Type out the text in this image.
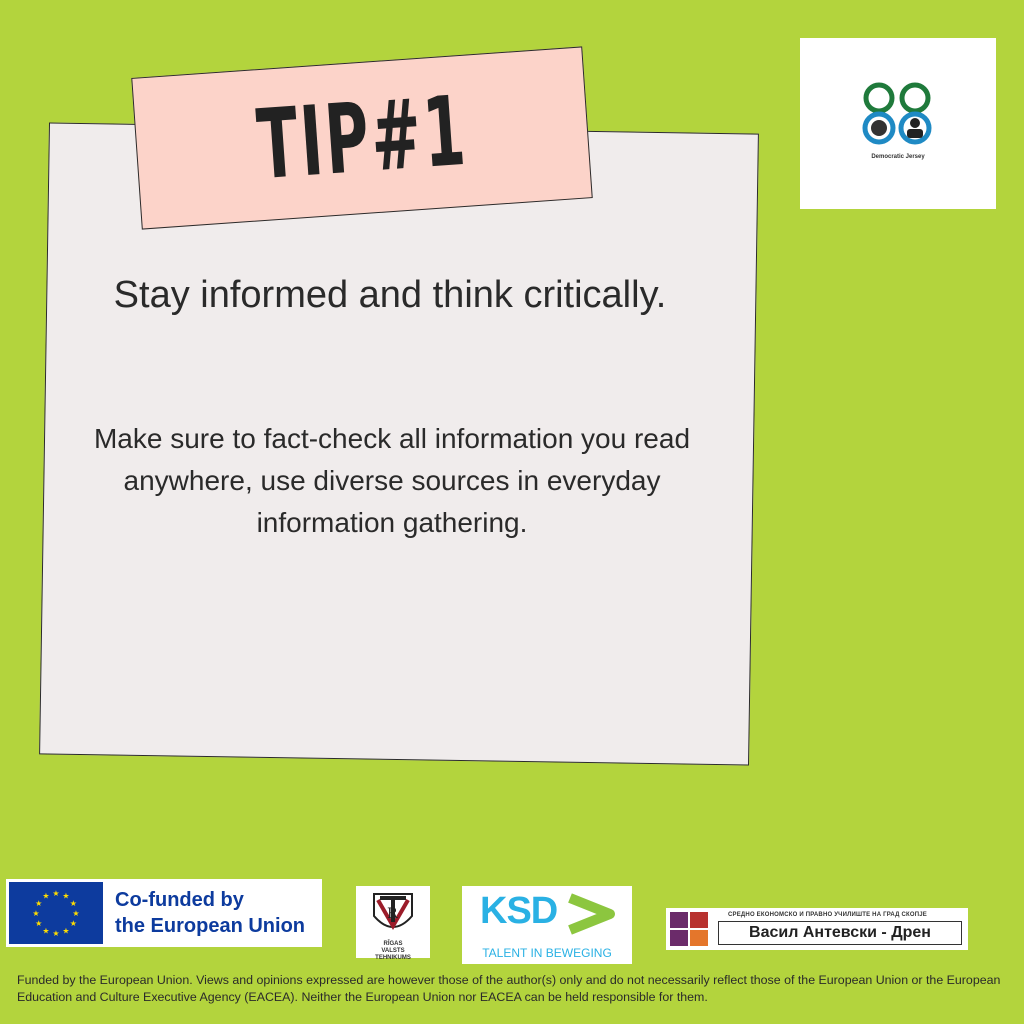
TIP#1
Stay informed and think critically.

Make sure to fact-check all information you read anywhere, use diverse sources in everyday information gathering.

Democratic Jersey
★
★
★
★
★
★
★
★
★ ★ ★
★ Co-funded by
the European Union
R
RĪGAS
VALSTS
TEHNIKUMS
KSD
TALENT IN BEWEGING
СРЕДНО ЕКОНОМСКО И ПРАВНО УЧИЛИШТЕ НА ГРАД СКОПЈЕ
Васил Антевски - Дрен

Funded by the European Union. Views and opinions expressed are however those of the author(s) only and do not necessarily reflect those of the European Union or the European Education and Culture Executive Agency (EACEA). Neither the European Union nor EACEA can be held responsible for them.
